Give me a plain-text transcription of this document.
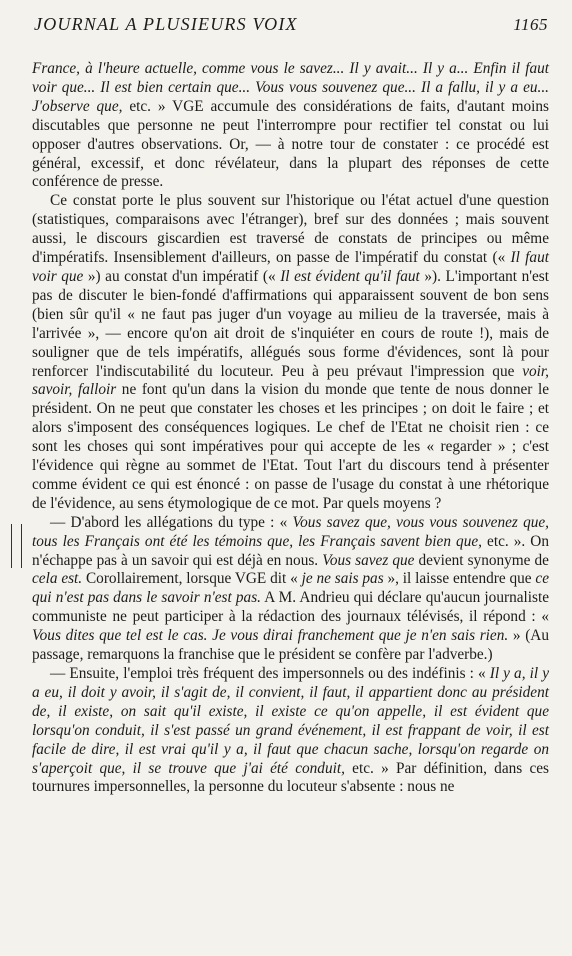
JOURNAL A PLUSIEURS VOIX	1165

France, à l'heure actuelle, comme vous le savez... Il y avait... Il y a... Enfin il faut voir que... Il est bien certain que... Vous vous souvenez que... Il a fallu, il y a eu... J'observe que, etc. » VGE accumule des considérations de faits, d'autant moins discutables que personne ne peut l'interrompre pour rectifier tel constat ou lui opposer d'autres observations. Or, — à notre tour de constater : ce procédé est général, excessif, et donc révélateur, dans la plupart des réponses de cette conférence de presse.

Ce constat porte le plus souvent sur l'historique ou l'état actuel d'une question (statistiques, comparaisons avec l'étranger), bref sur des données ; mais souvent aussi, le discours giscardien est traversé de constats de principes ou même d'impératifs. Insensiblement d'ailleurs, on passe de l'impératif du constat (« Il faut voir que ») au constat d'un impératif (« Il est évident qu'il faut »). L'important n'est pas de discuter le bien-fondé d'affirmations qui apparaissent souvent de bon sens (bien sûr qu'il « ne faut pas juger d'un voyage au milieu de la traversée, mais à l'arrivée », — encore qu'on ait droit de s'inquiéter en cours de route !), mais de souligner que de tels impératifs, allégués sous forme d'évidences, sont là pour renforcer l'indiscutabilité du locuteur. Peu à peu prévaut l'impression que voir, savoir, falloir ne font qu'un dans la vision du monde que tente de nous donner le président. On ne peut que constater les choses et les principes ; on doit le faire ; et alors s'imposent des conséquences logiques. Le chef de l'Etat ne choisit rien : ce sont les choses qui sont impératives pour qui accepte de les « regarder » ; c'est l'évidence qui règne au sommet de l'Etat. Tout l'art du discours tend à présenter comme évident ce qui est énoncé : on passe de l'usage du constat à une rhétorique de l'évidence, au sens étymologique de ce mot. Par quels moyens ?

— D'abord les allégations du type : « Vous savez que, vous vous souvenez que, tous les Français ont été les témoins que, les Français savent bien que, etc. ». On n'échappe pas à un savoir qui est déjà en nous. Vous savez que devient synonyme de cela est. Corollairement, lorsque VGE dit « je ne sais pas », il laisse entendre que ce qui n'est pas dans le savoir n'est pas. A M. Andrieu qui déclare qu'aucun journaliste communiste ne peut participer à la rédaction des journaux télévisés, il répond : « Vous dites que tel est le cas. Je vous dirai franchement que je n'en sais rien. » (Au passage, remarquons la franchise que le président se confère par l'adverbe.)

— Ensuite, l'emploi très fréquent des impersonnels ou des indéfinis : « Il y a, il y a eu, il doit y avoir, il s'agit de, il convient, il faut, il appartient donc au président de, il existe, on sait qu'il existe, il existe ce qu'on appelle, il est évident que lorsqu'on conduit, il s'est passé un grand événement, il est frappant de voir, il est facile de dire, il est vrai qu'il y a, il faut que chacun sache, lorsqu'on regarde on s'aperçoit que, il se trouve que j'ai été conduit, etc. » Par définition, dans ces tournures impersonnelles, la personne du locuteur s'absente : nous ne
